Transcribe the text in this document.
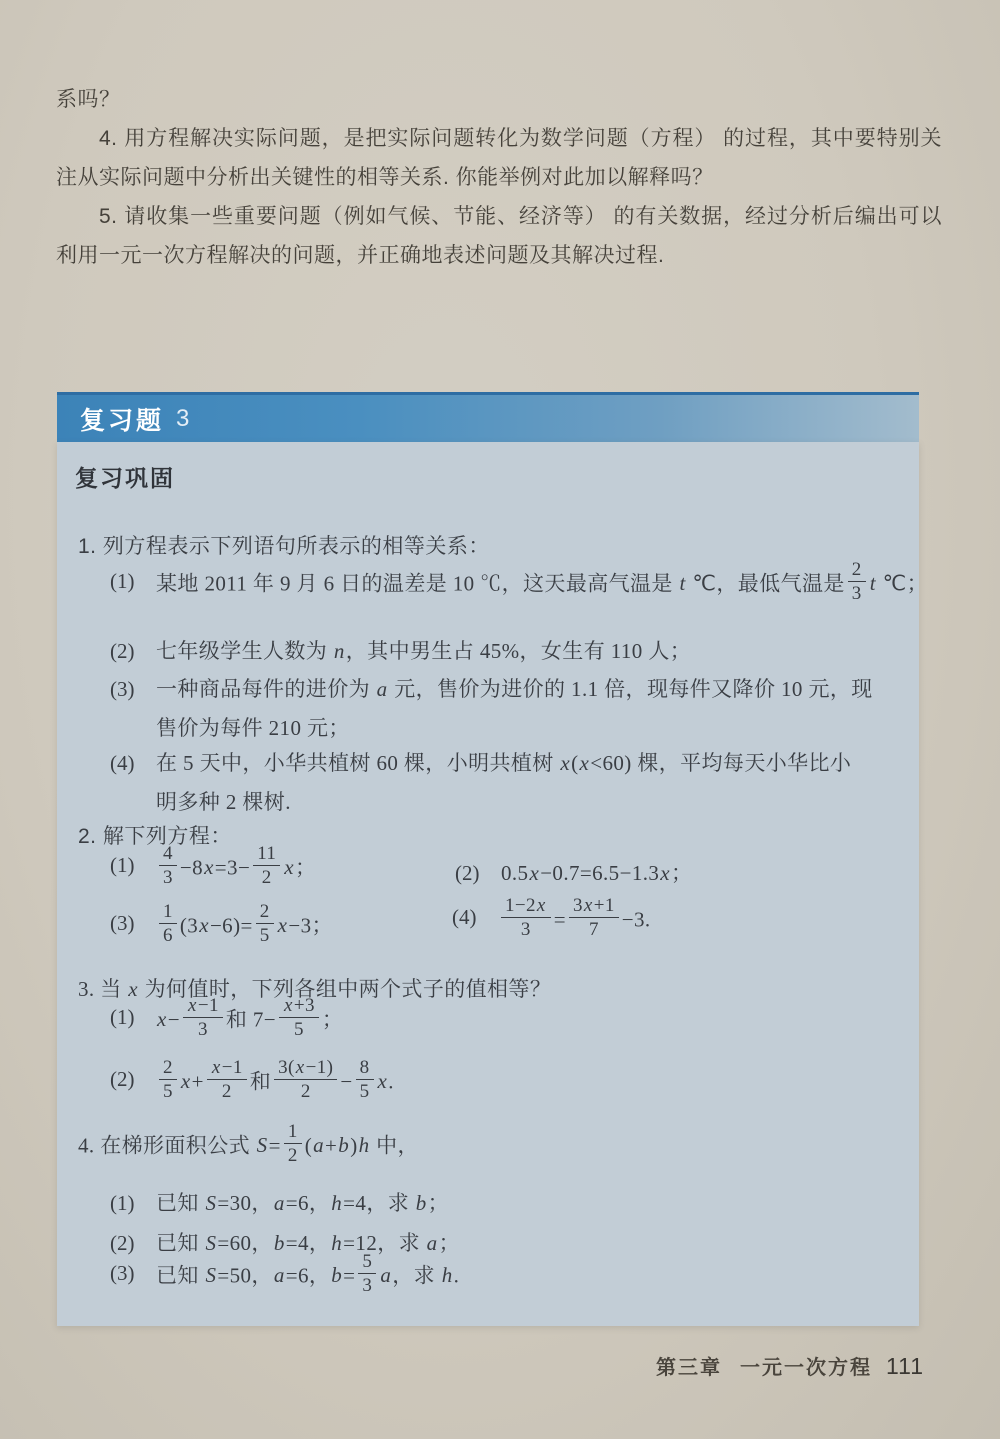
系吗？

4. 用方程解决实际问题，是把实际问题转化为数学问题（方程） 的过程，其中要特别关注从实际问题中分析出关键性的相等关系. 你能举例对此加以解释吗？

5. 请收集一些重要问题（例如气候、节能、经济等） 的有关数据，经过分析后编出可以利用一元一次方程解决的问题，并正确地表述问题及其解决过程.

复习题 3
复习巩固

1. 列方程表示下列语句所表示的相等关系：

(1)	某地 2011 年 9 月 6 日的温差是 10 ℃，这天最高气温是 t ℃，最低气温是 $\frac{2}{3}$ t ℃；
(2)	七年级学生人数为 n，其中男生占 45%，女生有 110 人；
(3)	一种商品每件的进价为 a 元，售价为进价的 1.1 倍，现每件又降价 10 元，现
售价为每件 210 元；
(4)	在 5 天中，小华共植树 60 棵，小明共植树 x(x<60) 棵，平均每天小华比小
明多种 2 棵树.

2. 解下列方程：

(1)	$\frac{4}{3} -8x=3- \frac{11}{2}$ x；	(2)	0.5x−0.7=6.5−1.3x；
(3)	$\frac{1}{6} (3x-6)= \frac{2}{5} x-3$；	(4)	$\frac{1-2x}{3} = \frac{3x+1}{7} -3$.

3. 当 x 为何值时，下列各组中两个式子的值相等？

(1)	$x- \frac{x-1}{3}$ 和 $7- \frac{x+3}{5}$ ；
(2)	$\frac{2}{5} x+ \frac{x-1}{2}$ 和 $\frac{3(x-1)}{2} - \frac{8}{5} x$.

4. 在梯形面积公式 $S= \frac{1}{2} (a+b)h$ 中，

(1)	已知 S=30，a=6，h=4，求 b；
(2)	已知 S=60，b=4，h=12，求 a；
(3)	已知 S=50，a=6，$b= \frac{5}{3}$ a，求 h.
第三章 一元一次方程 111
